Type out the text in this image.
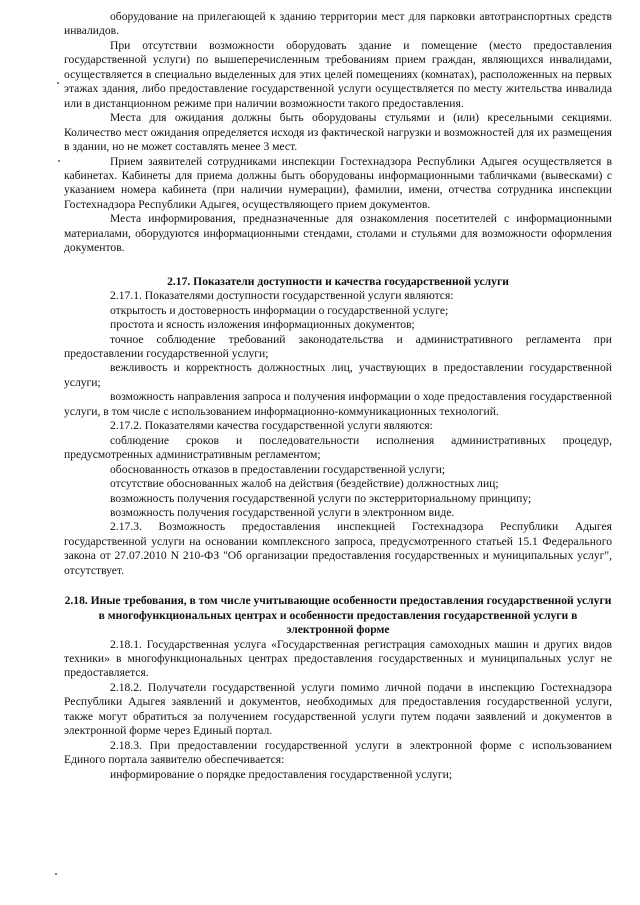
оборудование на прилегающей к зданию территории мест для парковки автотранспортных средств инвалидов.

При отсутствии возможности оборудовать здание и помещение (место предоставления государственной услуги) по вышеперечисленным требованиям прием граждан, являющихся инвалидами, осуществляется в специально выделенных для этих целей помещениях (комнатах), расположенных на первых этажах здания, либо предоставление государственной услуги осуществляется по месту жительства инвалида или в дистанционном режиме при наличии возможности такого предоставления.

Места для ожидания должны быть оборудованы стульями и (или) кресельными секциями. Количество мест ожидания определяется исходя из фактической нагрузки и возможностей для их размещения в здании, но не может составлять менее 3 мест.

Прием заявителей сотрудниками инспекции Гостехнадзора Республики Адыгея осуществляется в кабинетах. Кабинеты для приема должны быть оборудованы информационными табличками (вывесками) с указанием номера кабинета (при наличии нумерации), фамилии, имени, отчества сотрудника инспекции Гостехнадзора Республики Адыгея, осуществляющего прием документов.

Места информирования, предназначенные для ознакомления посетителей с информационными материалами, оборудуются информационными стендами, столами и стульями для возможности оформления документов.

2.17. Показатели доступности и качества государственной услуги

2.17.1. Показателями доступности государственной услуги являются:

открытость и достоверность информации о государственной услуге;

простота и ясность изложения информационных документов;

точное соблюдение требований законодательства и административного регламента при предоставлении государственной услуги;

вежливость и корректность должностных лиц, участвующих в предоставлении государственной услуги;

возможность направления запроса и получения информации о ходе предоставления государственной услуги, в том числе с использованием информационно-коммуникационных технологий.

2.17.2. Показателями качества государственной услуги являются:

соблюдение сроков и последовательности исполнения административных процедур, предусмотренных административным регламентом;

обоснованность отказов в предоставлении государственной услуги;

отсутствие обоснованных жалоб на действия (бездействие) должностных лиц;

возможность получения государственной услуги по экстерриториальному принципу;

возможность получения государственной услуги в электронном виде.

2.17.3. Возможность предоставления инспекцией Гостехнадзора Республики Адыгея государственной услуги на основании комплексного запроса, предусмотренного статьей 15.1 Федерального закона от 27.07.2010 N 210-ФЗ "Об организации предоставления государственных и муниципальных услуг", отсутствует.

2.18. Иные требования, в том числе учитывающие особенности предоставления государственной услуги в многофункциональных центрах и особенности предоставления государственной услуги в электронной форме

2.18.1. Государственная услуга «Государственная регистрация самоходных машин и других видов техники» в многофункциональных центрах предоставления государственных и муниципальных услуг не предоставляется.

2.18.2. Получатели государственной услуги помимо личной подачи в инспекцию Гостехнадзора Республики Адыгея заявлений и документов, необходимых для предоставления государственной услуги, также могут обратиться за получением государственной услуги путем подачи заявлений и документов в электронной форме через Единый портал.

2.18.3. При предоставлении государственной услуги в электронной форме с использованием Единого портала заявителю обеспечивается:

информирование о порядке предоставления государственной услуги;
